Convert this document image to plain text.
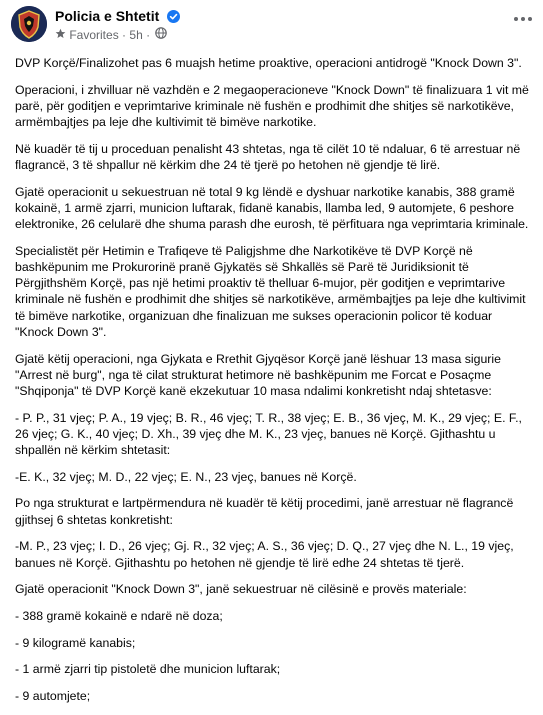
Policia e Shtetit
Favorites · 5h ·

DVP Korçë/Finalizohet pas 6 muajsh hetime proaktive, operacioni antidrogë "Knock Down 3".

Operacioni, i zhvilluar në vazhdën e 2 megaoperacioneve "Knock Down" të finalizuara 1 vit më parë, për goditjen e veprimtarive kriminale në fushën e prodhimit dhe shitjes së narkotikëve, armëmbajtjes pa leje dhe kultivimit të bimëve narkotike.

Në kuadër të tij u proceduan penalisht 43 shtetas, nga të cilët 10 të ndaluar, 6 të arrestuar në flagrancë, 3 të shpallur në kërkim dhe 24 të tjerë po hetohen në gjendje të lirë.

Gjatë operacionit u sekuestruan në total 9 kg lëndë e dyshuar narkotike kanabis, 388 gramë kokainë, 1 armë zjarri, municion luftarak, fidanë kanabis, llamba led, 9 automjete, 6 peshore elektronike, 26 celularë dhe shuma parash dhe eurosh, të përfituara nga veprimtaria kriminale.

Specialistët për Hetimin e Trafiqeve të Paligjshme dhe Narkotikëve të DVP Korçë në bashkëpunim me Prokurorinë pranë Gjykatës së Shkallës së Parë të Juridiksionit të Përgjithshëm Korçë, pas një hetimi proaktiv të thelluar 6-mujor, për goditjen e veprimtarive kriminale në fushën e prodhimit dhe shitjes së narkotikëve, armëmbajtjes pa leje dhe kultivimit të bimëve narkotike, organizuan dhe finalizuan me sukses operacionin policor të koduar "Knock Down 3".

Gjatë këtij operacioni, nga Gjykata e Rrethit Gjyqësor Korçë janë lëshuar 13 masa sigurie "Arrest në burg", nga të cilat strukturat hetimore në bashkëpunim me Forcat e Posaçme "Shqiponja" të DVP Korçë kanë ekzekutuar 10 masa ndalimi konkretisht ndaj shtetasve:

- P. P., 31 vjeç; P. A., 19 vjeç; B. R., 46 vjeç; T. R., 38 vjeç; E. B., 36 vjeç, M. K., 29 vjeç; E. F., 26 vjeç; G. K., 40 vjeç; D. Xh., 39 vjeç dhe M. K., 23 vjeç, banues në Korçë. Gjithashtu u shpallën në kërkim shtetasit:

-E. K., 32 vjeç; M. D., 22 vjeç; E. N., 23 vjeç, banues në Korçë.

Po nga strukturat e lartpërmendura në kuadër të këtij procedimi, janë arrestuar në flagrancë gjithsej 6 shtetas konkretisht:

-M. P., 23 vjeç; I. D., 26 vjeç; Gj. R., 32 vjeç; A. S., 36 vjeç; D. Q., 27 vjeç dhe N. L., 19 vjeç, banues në Korçë. Gjithashtu po hetohen në gjendje të lirë edhe 24 shtetas të tjerë.

Gjatë operacionit "Knock Down 3", janë sekuestruar në cilësinë e provës materiale:

- 388 gramë kokainë e ndarë në doza;

- 9 kilogramë kanabis;

- 1 armë zjarri tip pistoletë dhe municion luftarak;

- 9 automjete;
